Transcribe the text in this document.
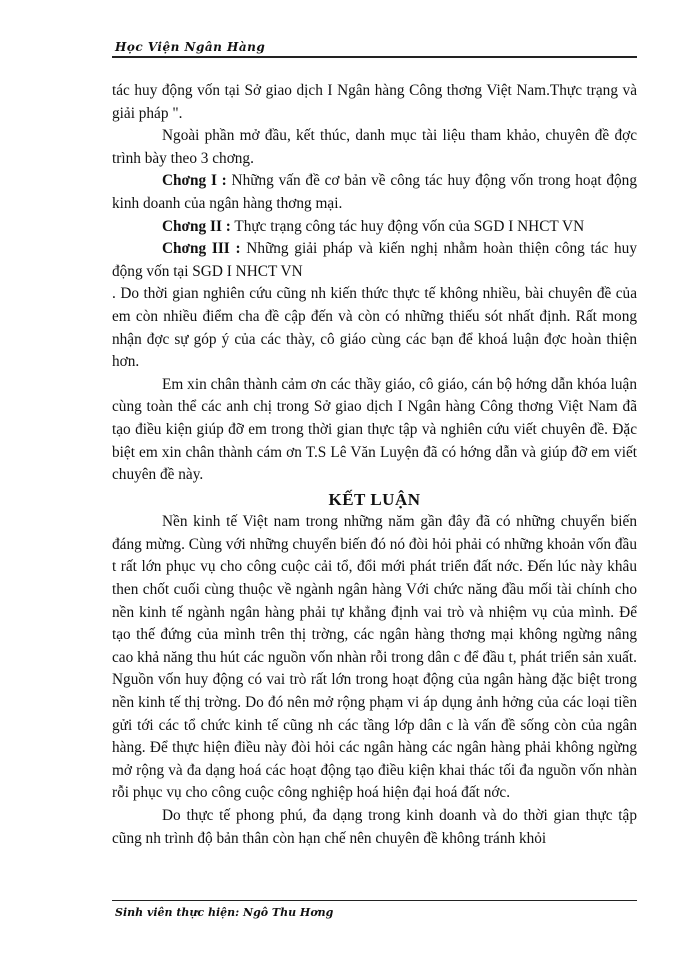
Học Viện Ngân Hàng

tác huy động vốn tại Sở giao dịch I Ngân hàng Công thơng Việt Nam.Thực trạng và giải pháp ".

Ngoài phần mở đầu, kết thúc, danh mục tài liệu tham khảo, chuyên đề đợc trình bày theo 3 chơng.

Chơng I : Những vấn đề cơ bản về công tác huy động vốn trong hoạt động kinh doanh của ngân hàng thơng mại.

Chơng II : Thực trạng công tác huy động vốn của SGD I NHCT VN

Chơng III : Những giải pháp và kiến nghị nhằm hoàn thiện công tác huy động vốn tại SGD I NHCT VN

. Do thời gian nghiên cứu cũng nh kiến thức thực tế không nhiều, bài chuyên đề của em còn nhiều điểm cha đề cập đến và còn có những thiếu sót nhất định. Rất mong nhận đợc sự góp ý của các thày, cô giáo cùng các bạn để khoá luận đợc hoàn thiện hơn.

Em xin chân thành cảm ơn các thầy giáo, cô giáo, cán bộ hớng dẫn khóa luận cùng toàn thể các anh chị trong Sở giao dịch I Ngân hàng Công thơng Việt Nam đã tạo điều kiện giúp đỡ em trong thời gian thực tập và nghiên cứu viết chuyên đề. Đặc biệt em xin chân thành cám ơn T.S Lê Văn Luyện đã có hớng dẫn và giúp đỡ em viết chuyên đề này.

KẾT LUẬN

Nền kinh tế Việt nam trong những năm gần đây đã có những chuyển biến đáng mừng. Cùng với những chuyển biến đó nó đòi hỏi phải có những khoản vốn đầu t rất lớn phục vụ cho công cuộc cải tổ, đổi mới phát triển đất nớc. Đến lúc này khâu then chốt cuối cùng thuộc về ngành ngân hàng Với chức năng đầu mối tài chính cho nền kinh tế ngành ngân hàng phải tự khẳng định vai trò và nhiệm vụ của mình. Để tạo thế đứng của mình trên thị trờng, các ngân hàng thơng mại không ngừng nâng cao khả năng thu hút các nguồn vốn nhàn rỗi trong dân c để đầu t, phát triển sản xuất. Nguồn vốn huy động có vai trò rất lớn trong hoạt động của ngân hàng đặc biệt trong nền kinh tế thị trờng. Do đó nên mở rộng phạm vi áp dụng ảnh hởng của các loại tiền gửi tới các tổ chức kinh tế cũng nh các tầng lớp dân c là vấn đề sống còn của ngân hàng. Để thực hiện điều này đòi hỏi các ngân hàng các ngân hàng phải không ngừng mở rộng và đa dạng hoá các hoạt động tạo điều kiện khai thác tối đa nguồn vốn nhàn rỗi phục vụ cho công cuộc công nghiệp hoá hiện đại hoá đất nớc.

Do thực tế phong phú, đa dạng trong kinh doanh và do thời gian thực tập cũng nh trình độ bản thân còn hạn chế nên chuyên đề không tránh khỏi

Sinh viên thực hiện: Ngô Thu Hơng
